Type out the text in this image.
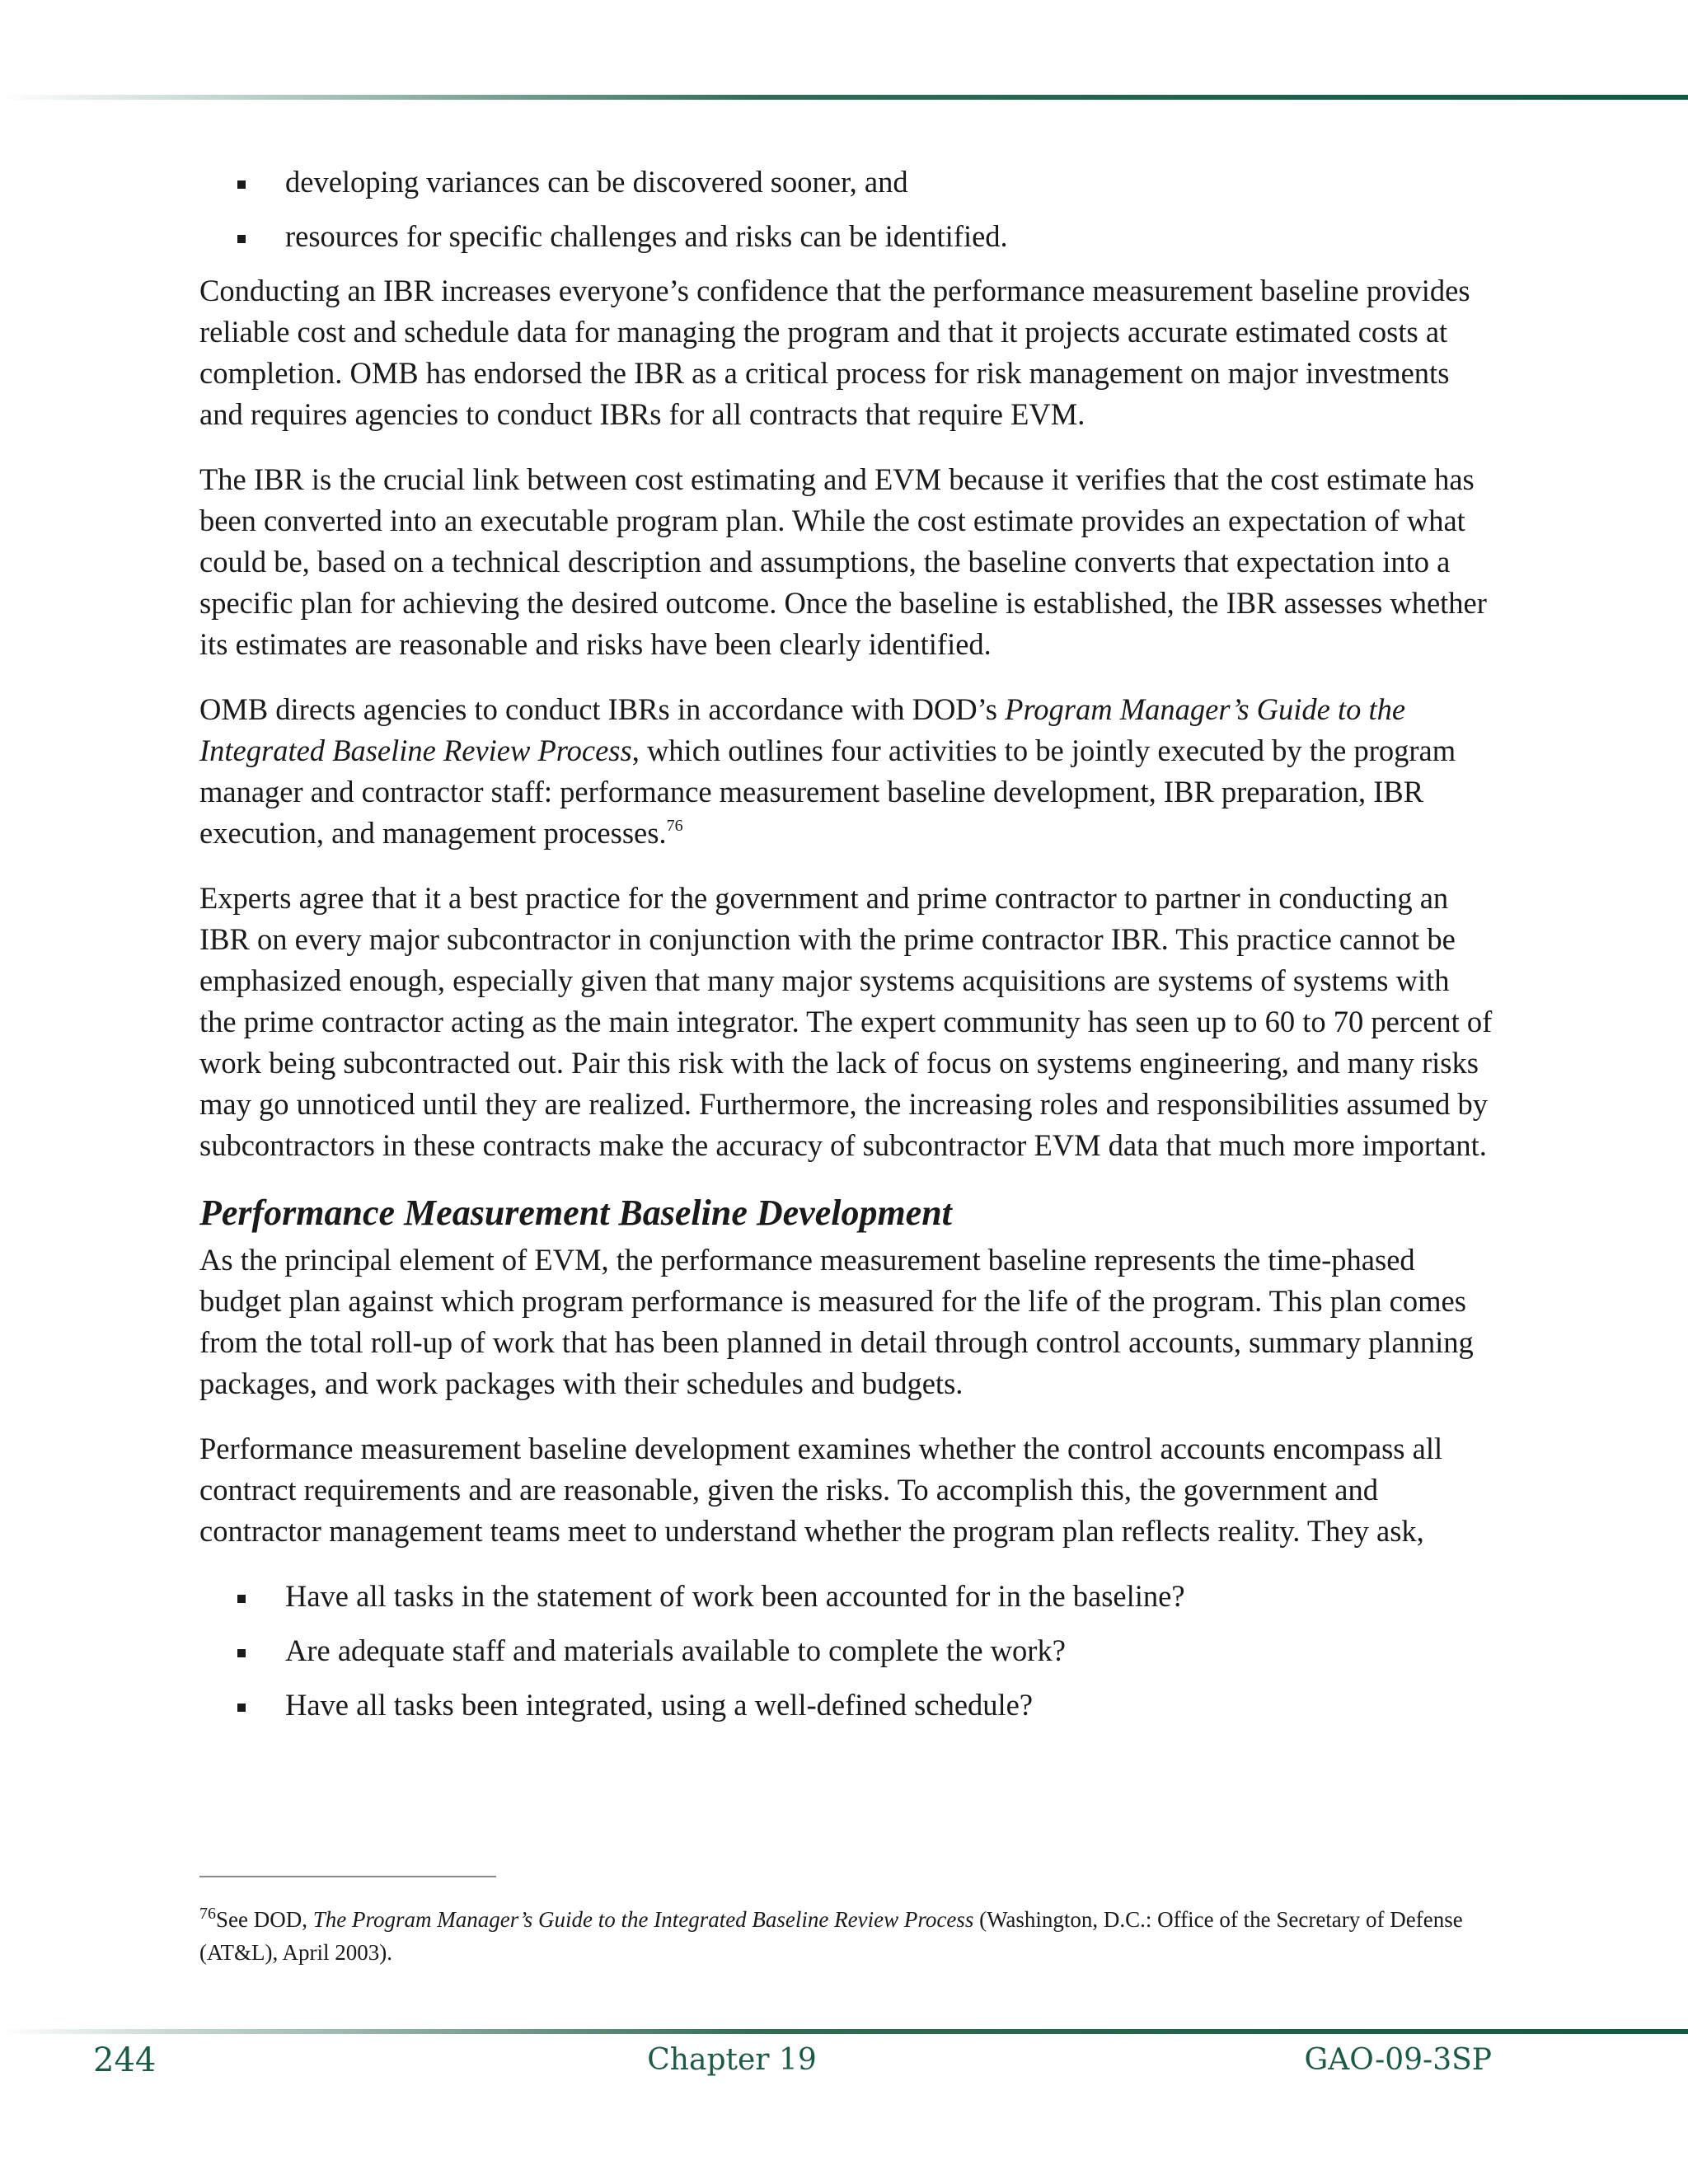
developing variances can be discovered sooner, and
resources for specific challenges and risks can be identified.

Conducting an IBR increases everyone’s confidence that the performance measurement baseline provides reliable cost and schedule data for managing the program and that it projects accurate estimated costs at completion. OMB has endorsed the IBR as a critical process for risk management on major investments and requires agencies to conduct IBRs for all contracts that require EVM.

The IBR is the crucial link between cost estimating and EVM because it verifies that the cost estimate has been converted into an executable program plan. While the cost estimate provides an expectation of what could be, based on a technical description and assumptions, the baseline converts that expectation into a specific plan for achieving the desired outcome. Once the baseline is established, the IBR assesses whether its estimates are reasonable and risks have been clearly identified.

OMB directs agencies to conduct IBRs in accordance with DOD’s Program Manager’s Guide to the Integrated Baseline Review Process, which outlines four activities to be jointly executed by the program manager and contractor staff: performance measurement baseline development, IBR preparation, IBR execution, and management processes.$^{76}$

Experts agree that it a best practice for the government and prime contractor to partner in conducting an IBR on every major subcontractor in conjunction with the prime contractor IBR. This practice cannot be emphasized enough, especially given that many major systems acquisitions are systems of systems with the prime contractor acting as the main integrator. The expert community has seen up to 60 to 70 percent of work being subcontracted out. Pair this risk with the lack of focus on systems engineering, and many risks may go unnoticed until they are realized. Furthermore, the increasing roles and responsibilities assumed by subcontractors in these contracts make the accuracy of subcontractor EVM data that much more important.

Performance Measurement Baseline Development

As the principal element of EVM, the performance measurement baseline represents the time-phased budget plan against which program performance is measured for the life of the program. This plan comes from the total roll-up of work that has been planned in detail through control accounts, summary planning packages, and work packages with their schedules and budgets.

Performance measurement baseline development examines whether the control accounts encompass all contract requirements and are reasonable, given the risks. To accomplish this, the government and contractor management teams meet to understand whether the program plan reflects reality. They ask,

Have all tasks in the statement of work been accounted for in the baseline?
Are adequate staff and materials available to complete the work?
Have all tasks been integrated, using a well-defined schedule?
$^{76}$See DOD, The Program Manager’s Guide to the Integrated Baseline Review Process (Washington, D.C.: Office of the Secretary of Defense (AT&L), April 2003).
244	Chapter 19	GAO-09-3SP
